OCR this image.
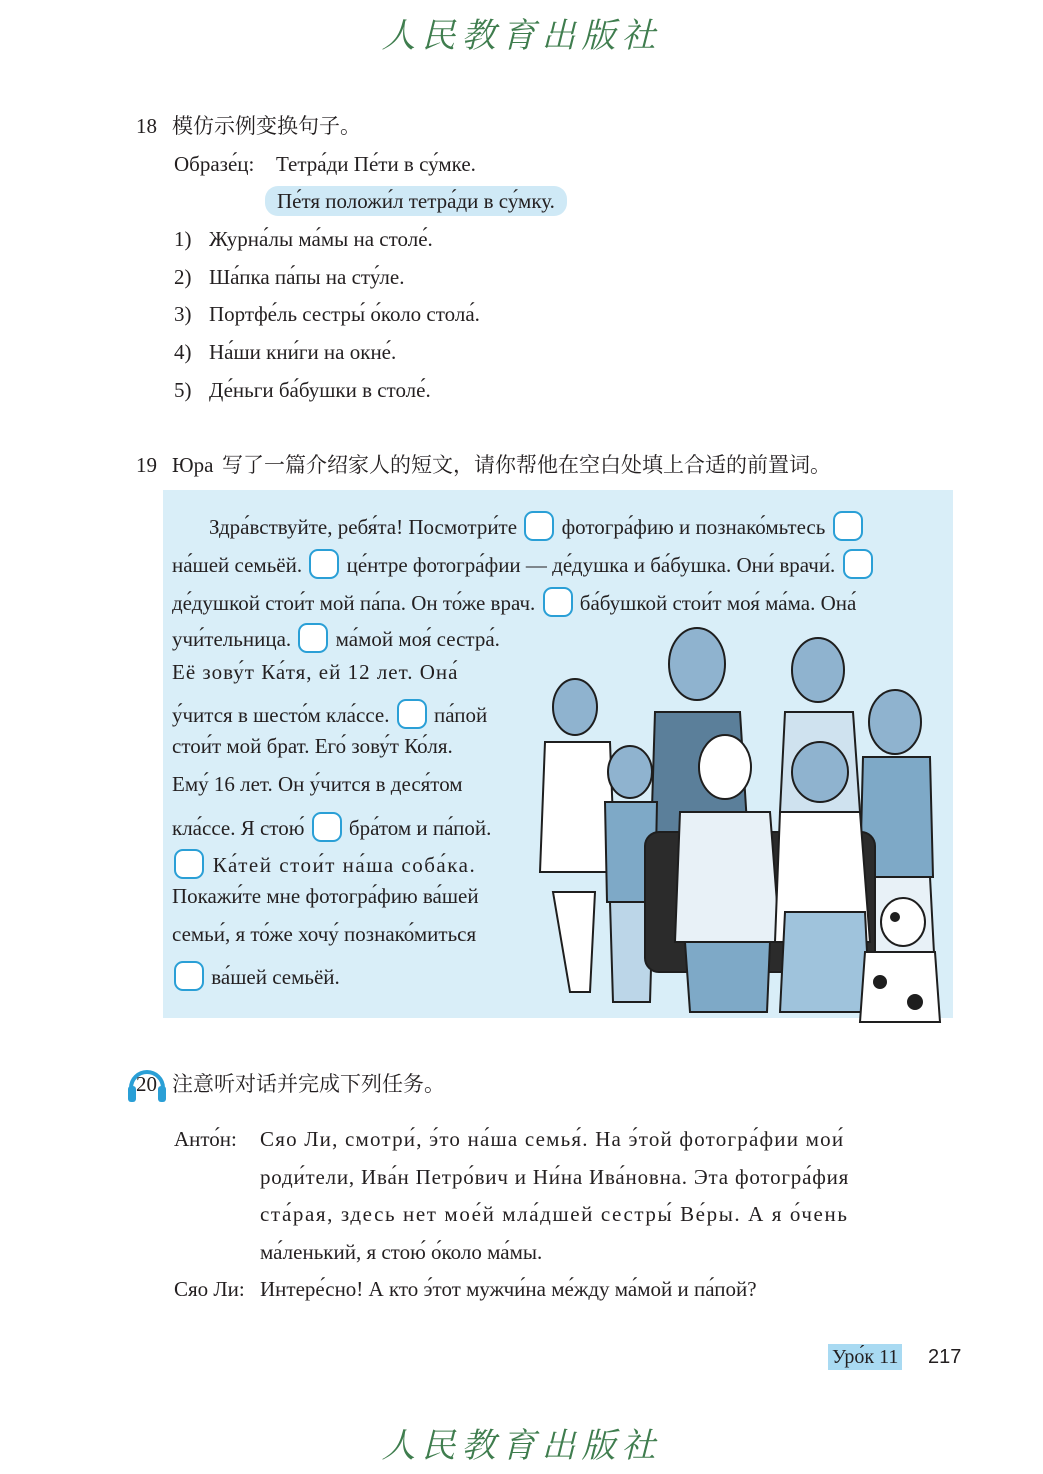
人民教育出版社
18 模仿示例变换句子。
Образе́ц: Тетра́ди Пе́ти в су́мке.
Пе́тя положи́л тетра́ди в су́мку.
1) Журна́лы ма́мы на столе́.
2) Ша́пка па́пы на сту́ле.
3) Портфе́ль сестры́ о́коло стола́.
4) На́ши кни́ги на окне́.
5) Де́ньги ба́бушки в столе́.
19 Юра 写了一篇介绍家人的短文，请你帮他在空白处填上合适的前置词。
Здра́вствуйте, ребя́та! Посмотри́те  фотогра́фию и познако́мьтесь
на́шей семьёй.  це́нтре фотогра́фии — де́душка и ба́бушка. Они́ врачи́.
де́душкой стои́т мой па́па. Он то́же врач.  ба́бушкой стои́т моя́ ма́ма. Она́
учи́тельница.  ма́мой моя́ сестра́.
Её зову́т Ка́тя, ей 12 лет. Она́
у́чится в шесто́м кла́ссе.  па́пой
стои́т мой брат. Его́ зову́т Ко́ля.
Ему́ 16 лет. Он у́чится в деся́том
кла́ссе. Я стою́  бра́том и па́пой.
Ка́тей стои́т на́ша соба́ка.
Покажи́те мне фотогра́фию ва́шей
семьи́, я то́же хочу́ познако́миться
ва́шей семьёй.
20 注意听对话并完成下列任务。
Анто́н: Сяо Ли, смотри́, э́то на́ша семья́. На э́той фотогра́фии мои́
роди́тели, Ива́н Петро́вич и Ни́на Ива́новна. Эта фотогра́фия
ста́рая, здесь нет мое́й мла́дшей сестры́ Ве́ры. А я о́чень
ма́ленький, я стою́ о́коло ма́мы.
Сяо Ли: Интере́сно! А кто э́тот мужчи́на ме́жду ма́мой и па́пой?
Уро́к 11 217
人民教育出版社
